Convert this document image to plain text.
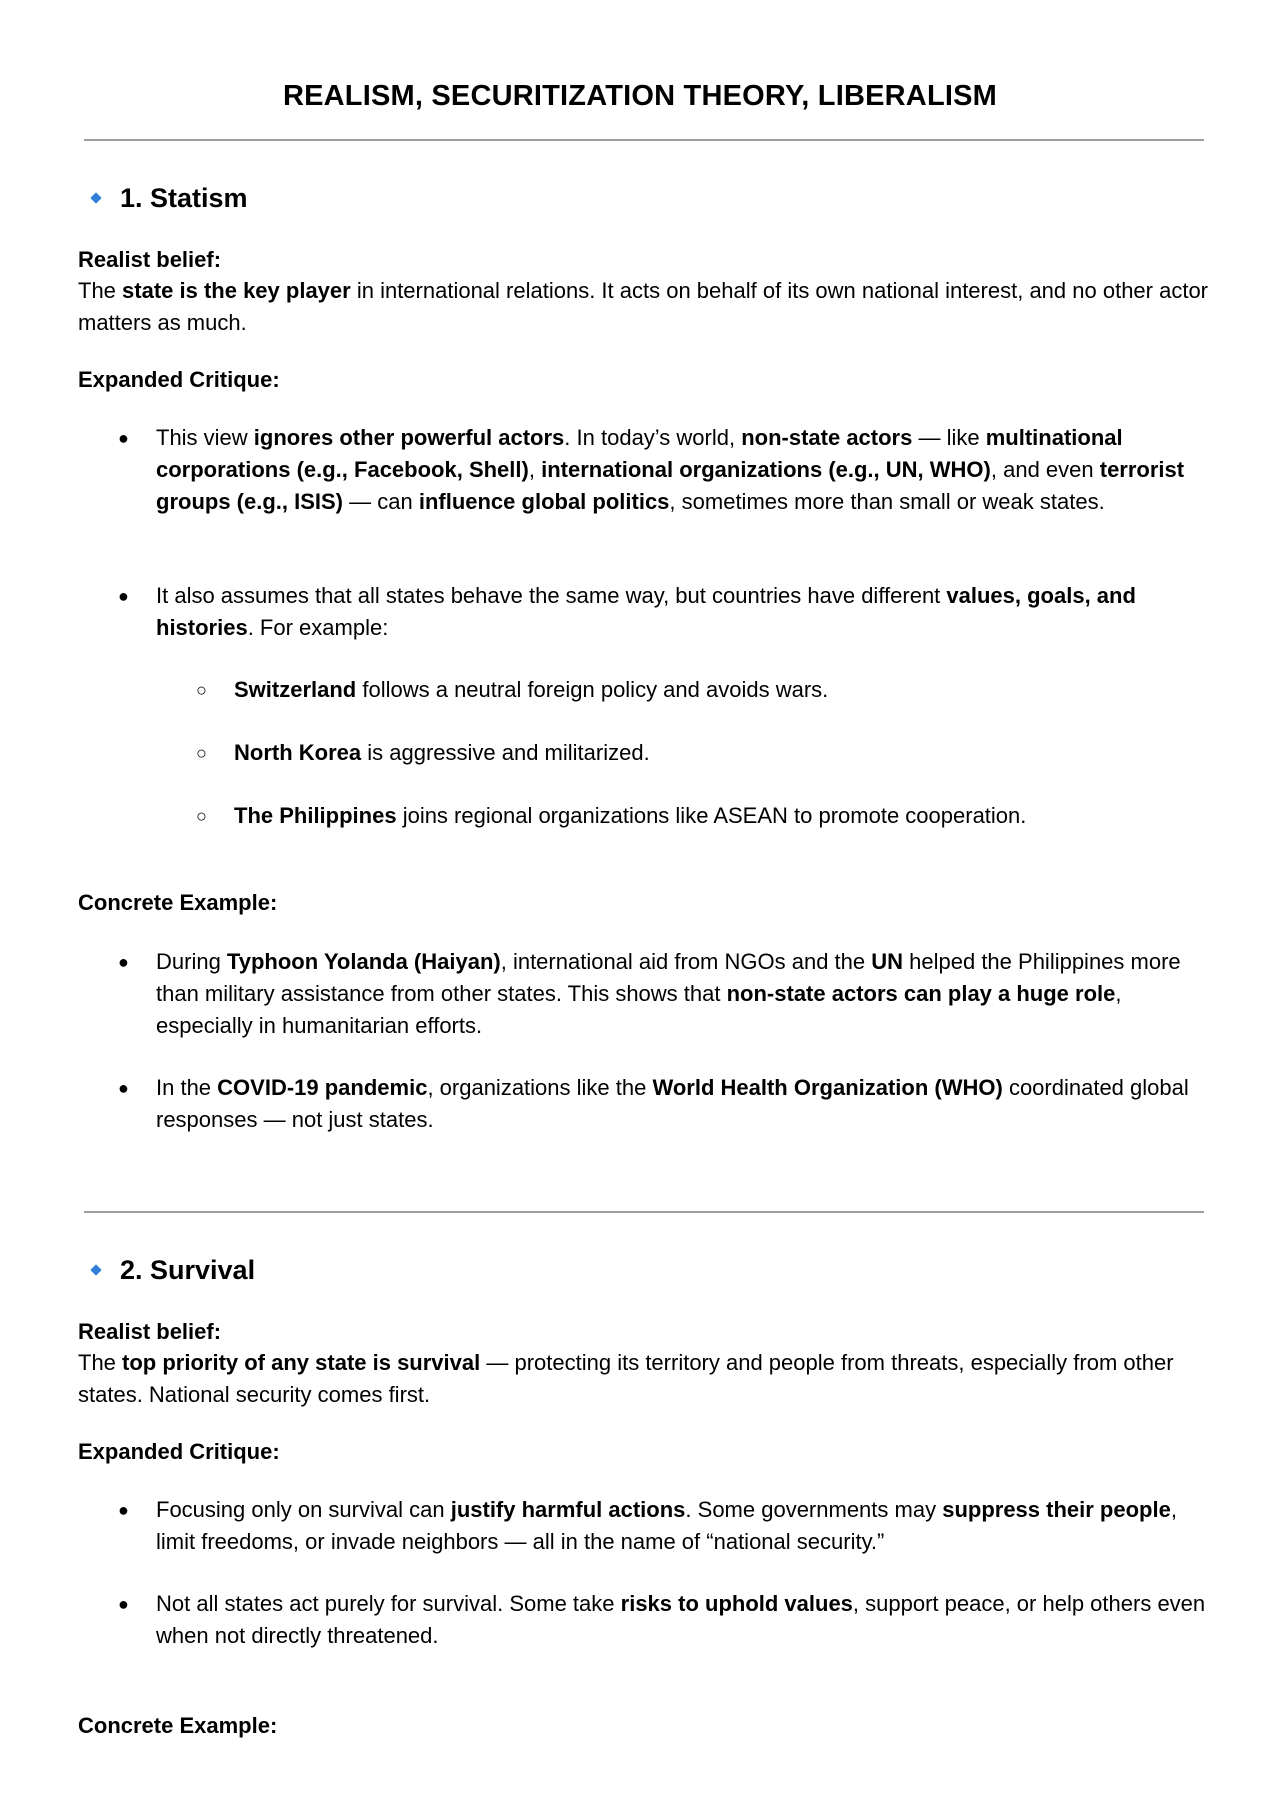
REALISM, SECURITIZATION THEORY, LIBERALISM
1. Statism
Realist belief:
The state is the key player in international relations. It acts on behalf of its own national interest, and no other actor matters as much.
Expanded Critique:
●	This view ignores other powerful actors. In today’s world, non-state actors — like multinational corporations (e.g., Facebook, Shell), international organizations (e.g., UN, WHO), and even terrorist groups (e.g., ISIS) — can influence global politics, sometimes more than small or weak states.
●	It also assumes that all states behave the same way, but countries have different values, goals, and histories. For example:
○ Switzerland follows a neutral foreign policy and avoids wars.
○ North Korea is aggressive and militarized.
○ The Philippines joins regional organizations like ASEAN to promote cooperation.
Concrete Example:
●	During Typhoon Yolanda (Haiyan), international aid from NGOs and the UN helped the Philippines more than military assistance from other states. This shows that non-state actors can play a huge role, especially in humanitarian efforts.
●	In the COVID-19 pandemic, organizations like the World Health Organization (WHO) coordinated global responses — not just states.
2. Survival
Realist belief:
The top priority of any state is survival — protecting its territory and people from threats, especially from other states. National security comes first.
Expanded Critique:
●	Focusing only on survival can justify harmful actions. Some governments may suppress their people, limit freedoms, or invade neighbors — all in the name of “national security.”
●	Not all states act purely for survival. Some take risks to uphold values, support peace, or help others even when not directly threatened.
Concrete Example:
